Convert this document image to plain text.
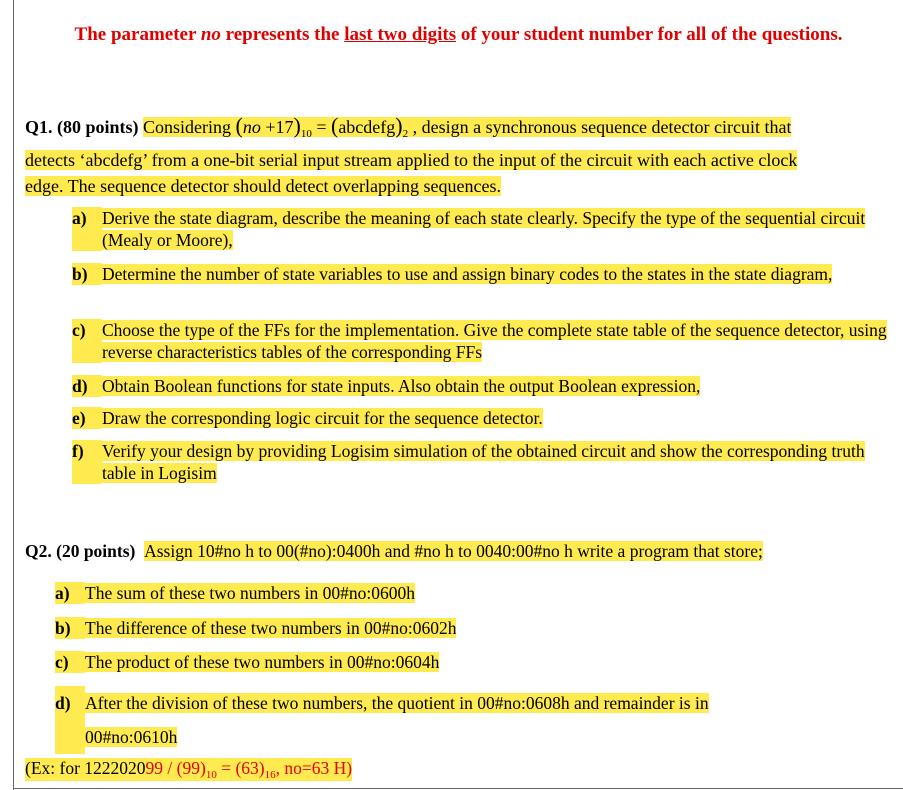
The parameter no represents the last two digits of your student number for all of the questions.
Q1. (80 points) Considering $(no +17)_{10}$ = $(abcdefg)_2$ , design a synchronous sequence detector circuit that
detects ‘abcdefg’ from a one-bit serial input stream applied to the input of the circuit with each active clock
edge. The sequence detector should detect overlapping sequences.
a) Derive the state diagram, describe the meaning of each state clearly. Specify the type of the sequential circuit (Mealy or Moore),
b) Determine the number of state variables to use and assign binary codes to the states in the state diagram,
c) Choose the type of the FFs for the implementation. Give the complete state table of the sequence detector, using reverse characteristics tables of the corresponding FFs
d) Obtain Boolean functions for state inputs. Also obtain the output Boolean expression,
e) Draw the corresponding logic circuit for the sequence detector.
f)	Verify your design by providing Logisim simulation of the obtained circuit and show the corresponding truth table in Logisim
Q2. (20 points) Assign 10#no h to 00(#no):0400h and #no h to 0040:00#no h write a program that store;
a) The sum of these two numbers in 00#no:0600h
b) The difference of these two numbers in 00#no:0602h
c) The product of these two numbers in 00#no:0604h
d) After the division of these two numbers, the quotient in 00#no:0608h and remainder is in
00#no:0610h
(Ex: for $122202099 / (99)_{10} = (63)_{16}$, no=63 H)
